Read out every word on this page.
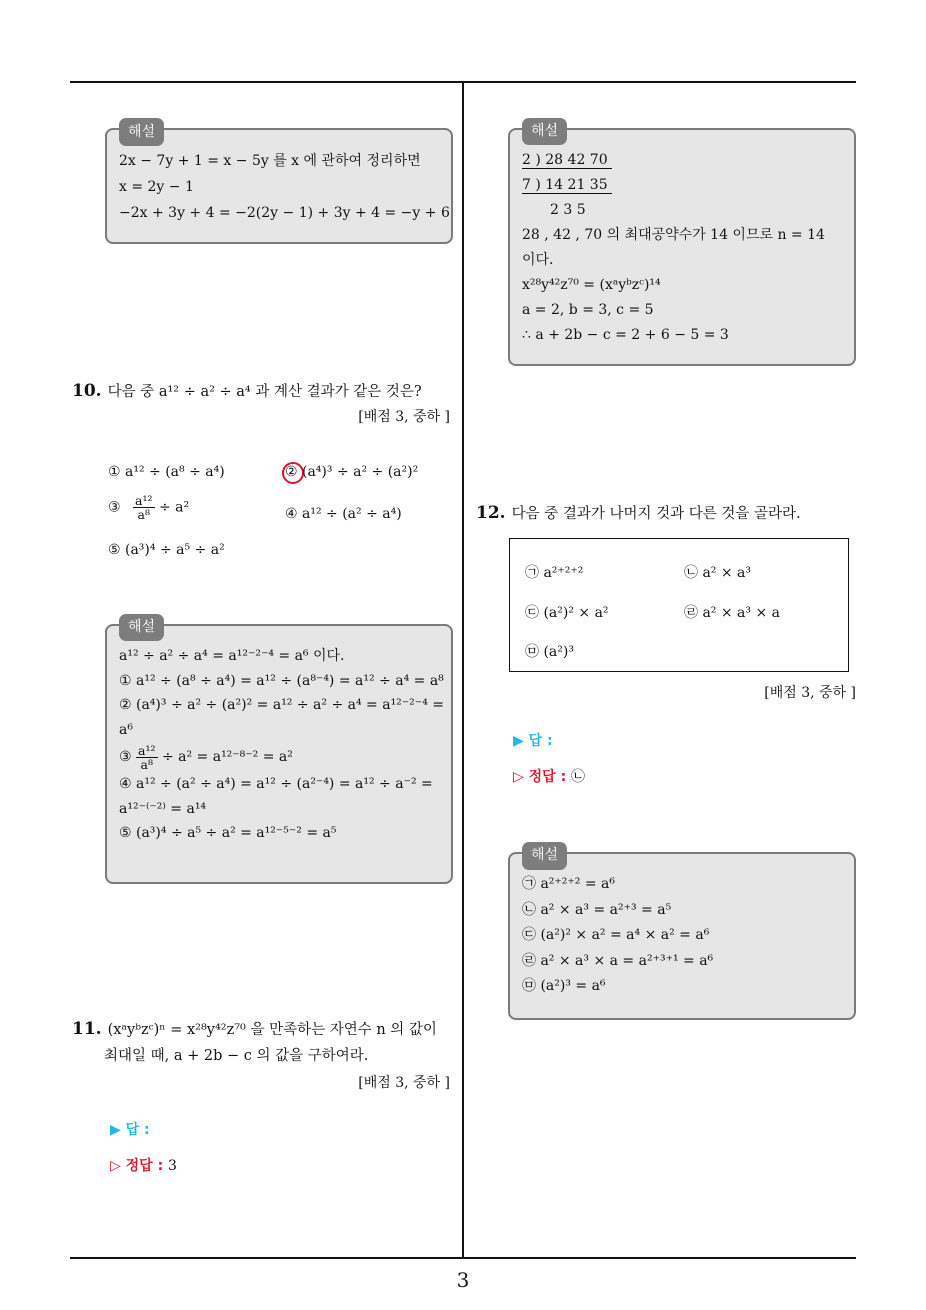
3
해설
2x − 7y + 1 = x − 5y 를 x 에 관하여 정리하면
x = 2y − 1
−2x + 3y + 4 = −2(2y − 1) + 3y + 4 = −y + 6
10. 다음 중 a¹² ÷ a² ÷ a⁴ 과 계산 결과가 같은 것은?
[배점 3, 중하 ]
① a¹² ÷ (a⁸ ÷ a⁴)	② (a⁴)³ ÷ a² ÷ (a²)²
③ $\frac{\text{a¹²}}{\text{a⁸}} \div a^2$	④ a¹² ÷ (a² ÷ a⁴)
⑤ (a³)⁴ ÷ a⁵ ÷ a²
해설
a¹² ÷ a² ÷ a⁴ = a¹²⁻²⁻⁴ = a⁶ 이다.
① a¹² ÷ (a⁸ ÷ a⁴) = a¹² ÷ (a⁸⁻⁴) = a¹² ÷ a⁴ = a⁸
② (a⁴)³ ÷ a² ÷ (a²)² = a¹² ÷ a² ÷ a⁴ = a¹²⁻²⁻⁴ =
a⁶
③ $\frac{\text{a¹²}}{\text{a⁸}} \div a^2 = a^{12-8-2} = a^2$
④ a¹² ÷ (a² ÷ a⁴) = a¹² ÷ (a²⁻⁴) = a¹² ÷ a⁻² =
a¹²⁻⁽⁻²⁾ = a¹⁴
⑤ (a³)⁴ ÷ a⁵ ÷ a² = a¹²⁻⁵⁻² = a⁵
11. (xᵃyᵇzᶜ)ⁿ = x²⁸y⁴²z⁷⁰ 을 만족하는 자연수 n 의 값이
최대일 때, a + 2b − c 의 값을 구하여라.
[배점 3, 중하 ]
▶ 답 :
▷ 정답 : 3
해설
2 ) 28 42 70
7 ) 14 21 35
2 3 5
28 , 42 , 70 의 최대공약수가 14 이므로 n = 14
이다.
x²⁸y⁴²z⁷⁰ = (xᵃyᵇzᶜ)¹⁴
a = 2, b = 3, c = 5
∴ a + 2b − c = 2 + 6 − 5 = 3
12. 다음 중 결과가 나머지 것과 다른 것을 골라라.
㉠ a²⁺²⁺²	㉡ a² × a³
㉢ (a²)² × a²	㉣ a² × a³ × a
㉤ (a²)³
[배점 3, 중하 ]
▶ 답 :
▷ 정답 : ㉡
해설
㉠ a²⁺²⁺² = a⁶
㉡ a² × a³ = a²⁺³ = a⁵
㉢ (a²)² × a² = a⁴ × a² = a⁶
㉣ a² × a³ × a = a²⁺³⁺¹ = a⁶
㉤ (a²)³ = a⁶
